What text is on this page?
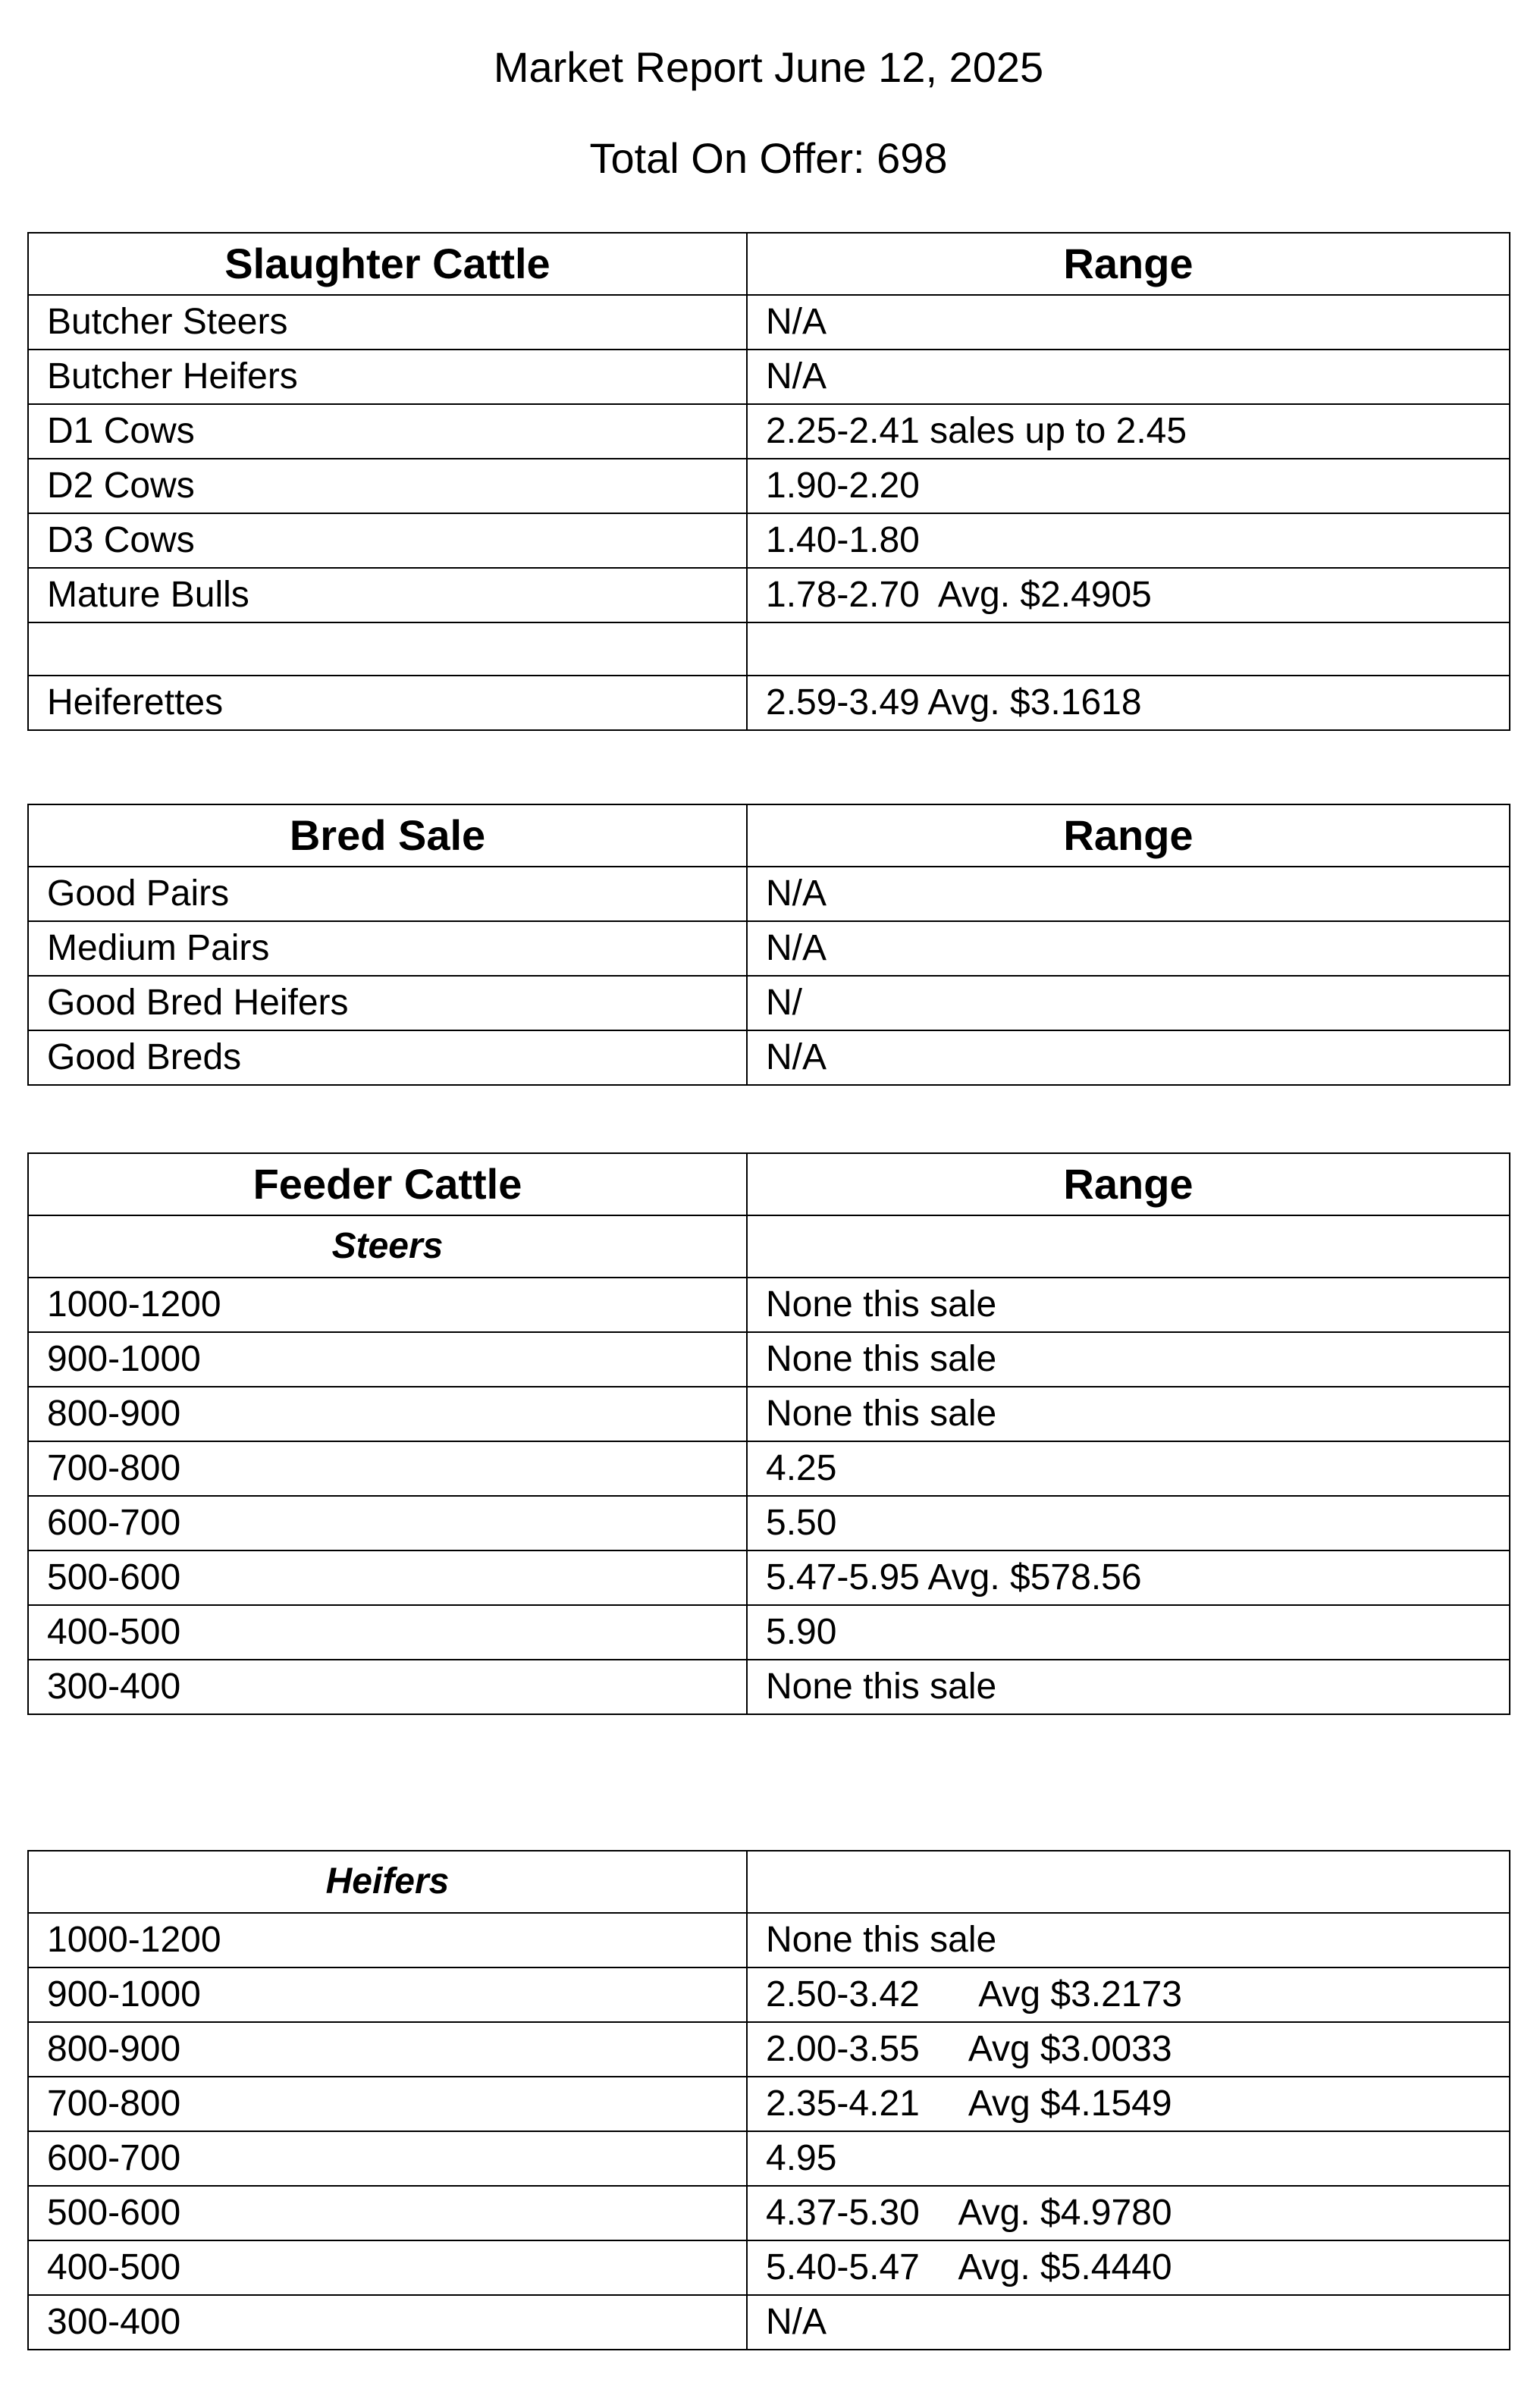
Market Report June 12, 2025
Total On Offer: 698
Slaughter Cattle	Range
Butcher Steers	N/A
Butcher Heifers	N/A
D1 Cows	2.25-2.41 sales up to 2.45
D2 Cows	1.90-2.20
D3 Cows	1.40-1.80
Mature Bulls	1.78-2.70  Avg. $2.4905

Heiferettes	2.59-3.49 Avg. $3.1618
Bred Sale	Range
Good Pairs	N/A
Medium Pairs	N/A
Good Bred Heifers	N/
Good Breds	N/A
Feeder Cattle	Range
Steers	
1000-1200	None this sale
900-1000	None this sale
800-900	None this sale
700-800	4.25
600-700	5.50
500-600	5.47-5.95 Avg. $578.56
400-500	5.90
300-400	None this sale
Heifers	
1000-1200	None this sale
900-1000	2.50-3.42      Avg $3.2173
800-900	2.00-3.55     Avg $3.0033
700-800	2.35-4.21     Avg $4.1549
600-700	4.95
500-600	4.37-5.30    Avg. $4.9780
400-500	5.40-5.47    Avg. $5.4440
300-400	N/A
